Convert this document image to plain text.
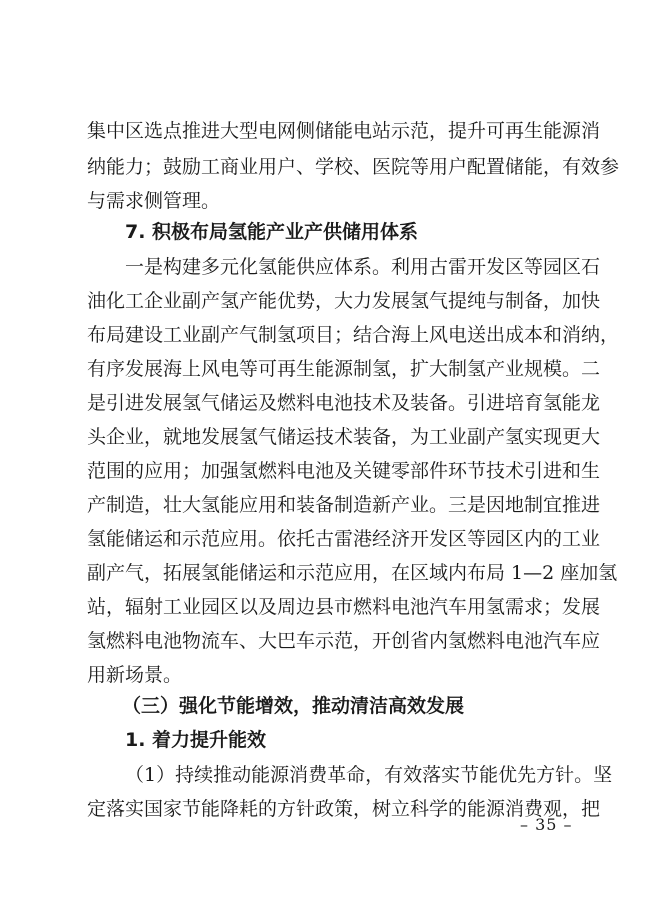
集中区选点推进大型电网侧储能电站示范，提升可再生能源消
纳能力；鼓励工商业用户、学校、医院等用户配置储能，有效参
与需求侧管理。
7. 积极布局氢能产业产供储用体系
一是构建多元化氢能供应体系。利用古雷开发区等园区石
油化工企业副产氢产能优势，大力发展氢气提纯与制备，加快
布局建设工业副产气制氢项目；结合海上风电送出成本和消纳，
有序发展海上风电等可再生能源制氢，扩大制氢产业规模。二
是引进发展氢气储运及燃料电池技术及装备。引进培育氢能龙
头企业，就地发展氢气储运技术装备，为工业副产氢实现更大
范围的应用；加强氢燃料电池及关键零部件环节技术引进和生
产制造，壮大氢能应用和装备制造新产业。三是因地制宜推进
氢能储运和示范应用。依托古雷港经济开发区等园区内的工业
副产气，拓展氢能储运和示范应用，在区域内布局 1—2 座加氢
站，辐射工业园区以及周边县市燃料电池汽车用氢需求；发展
氢燃料电池物流车、大巴车示范，开创省内氢燃料电池汽车应
用新场景。
（三）强化节能增效，推动清洁高效发展
1. 着力提升能效
（1）持续推动能源消费革命，有效落实节能优先方针。坚
定落实国家节能降耗的方针政策，树立科学的能源消费观，把
– 35 –
